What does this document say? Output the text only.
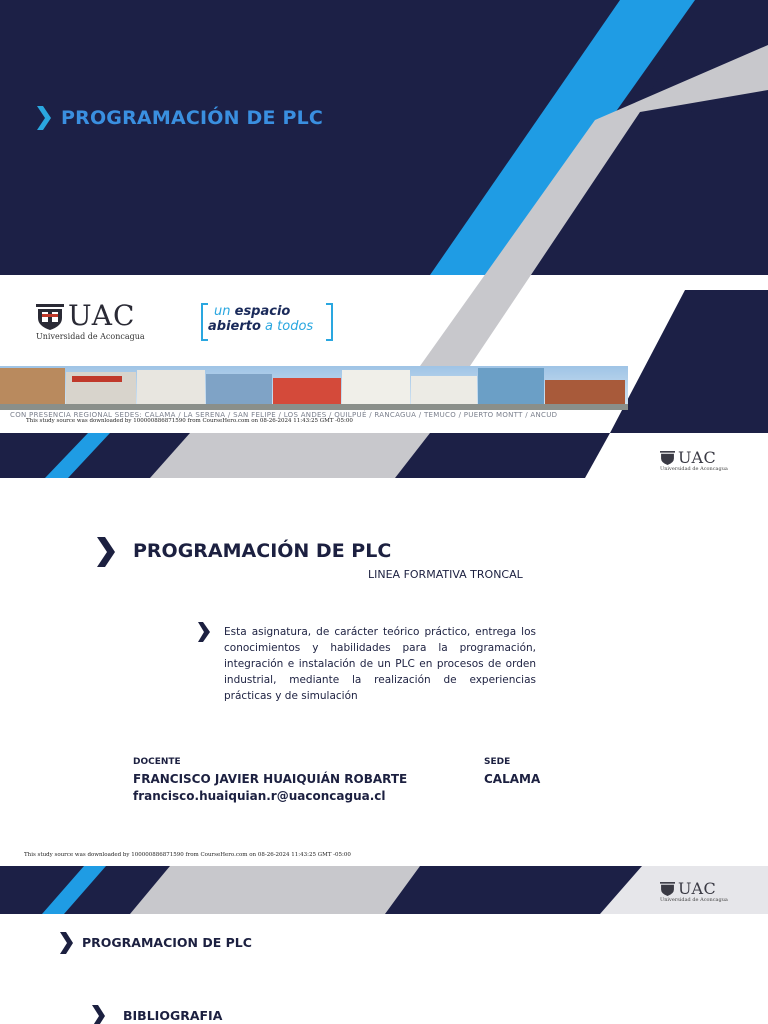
PROGRAMACIÓN DE PLC
UAC
Universidad de Aconcagua
un espacio
abierto a todos
CON PRESENCIA REGIONAL SEDES: CALAMA / LA SERENA / SAN FELIPE / LOS ANDES / QUILPUÉ / RANCAGUA / TEMUCO / PUERTO MONTT / ANCUD
This study source was downloaded by 100000886871590 from CourseHero.com on 08-26-2024 11:43:25 GMT -05:00
UAC
Universidad de Aconcagua
PROGRAMACIÓN DE PLC
LINEA FORMATIVA TRONCAL
Esta asignatura, de carácter teórico práctico, entrega los conocimientos y habilidades para la programación, integración e instalación de un PLC en procesos de orden industrial, mediante la realización de experiencias prácticas y de simulación
DOCENTE
FRANCISCO JAVIER HUAIQUIÁN ROBARTE
francisco.huaiquian.r@uaconcagua.cl
SEDE
CALAMA
This study source was downloaded by 100000886871590 from CourseHero.com on 08-26-2024 11:43:25 GMT -05:00
UAC
Universidad de Aconcagua
PROGRAMACION DE PLC
BIBLIOGRAFIA
